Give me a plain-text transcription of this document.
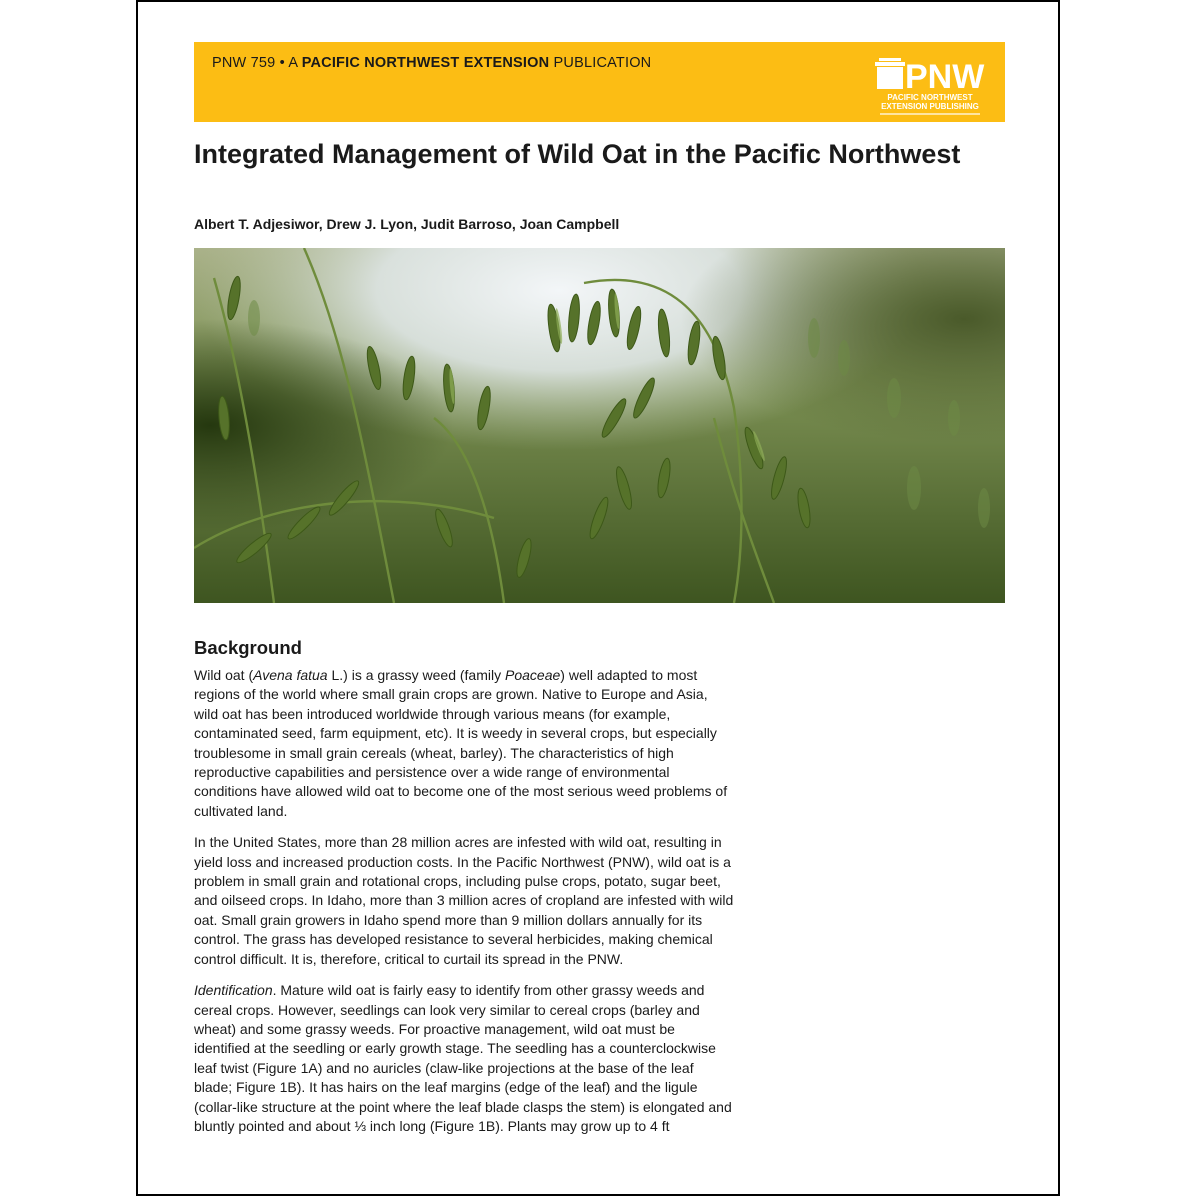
PNW 759 • A PACIFIC NORTHWEST EXTENSION PUBLICATION	PNW
PACIFIC NORTHWEST
EXTENSION PUBLISHING
Integrated Management of Wild Oat in the Pacific Northwest

Albert T. Adjesiwor, Drew J. Lyon, Judit Barroso, Joan Campbell

Background

Wild oat (Avena fatua L.) is a grassy weed (family Poaceae) well adapted to most regions of the world where small grain crops are grown. Native to Europe and Asia, wild oat has been introduced worldwide through various means (for example, contaminated seed, farm equipment, etc). It is weedy in several crops, but especially troublesome in small grain cereals (wheat, barley). The characteristics of high reproductive capabilities and persistence over a wide range of environmental conditions have allowed wild oat to become one of the most serious weed problems of cultivated land.

In the United States, more than 28 million acres are infested with wild oat, resulting in yield loss and increased production costs. In the Pacific Northwest (PNW), wild oat is a problem in small grain and rotational crops, including pulse crops, potato, sugar beet, and oilseed crops. In Idaho, more than 3 million acres of cropland are infested with wild oat. Small grain growers in Idaho spend more than 9 million dollars annually for its control. The grass has developed resistance to several herbicides, making chemical control difficult. It is, therefore, critical to curtail its spread in the PNW.

Identification. Mature wild oat is fairly easy to identify from other grassy weeds and cereal crops. However, seedlings can look very similar to cereal crops (barley and wheat) and some grassy weeds. For proactive management, wild oat must be identified at the seedling or early growth stage. The seedling has a counterclockwise leaf twist (Figure 1A) and no auricles (claw-like projections at the base of the leaf blade; Figure 1B). It has hairs on the leaf margins (edge of the leaf) and the ligule (collar-like structure at the point where the leaf blade clasps the stem) is elongated and bluntly pointed and about ⅓ inch long (Figure 1B). Plants may grow up to 4 ft
